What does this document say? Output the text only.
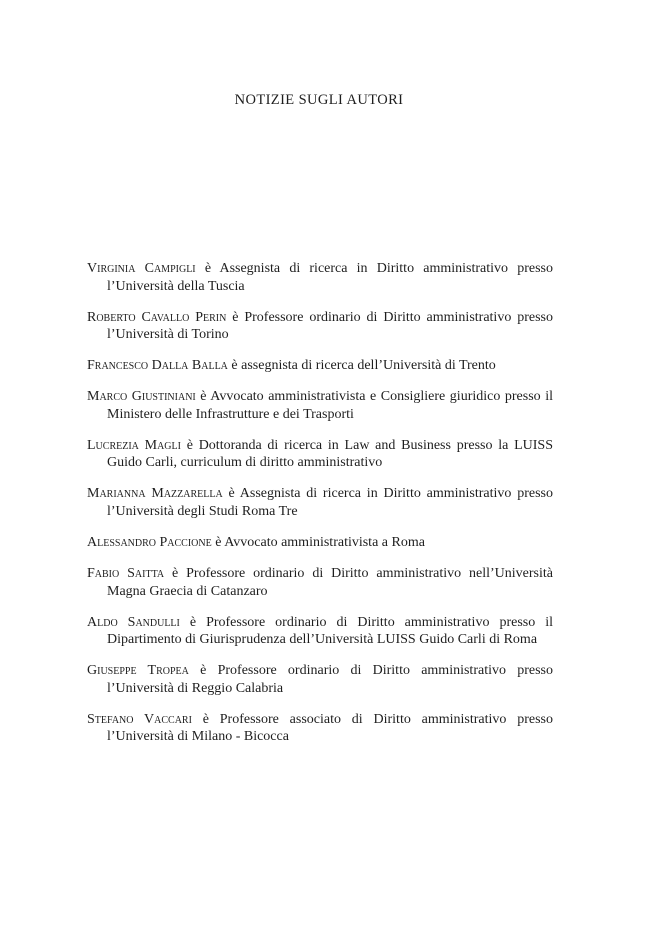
NOTIZIE SUGLI AUTORI
Virginia Campigli è Assegnista di ricerca in Diritto amministrativo presso l’Università della Tuscia
Roberto Cavallo Perin è Professore ordinario di Diritto amministrativo presso l’Università di Torino
Francesco Dalla Balla è assegnista di ricerca dell’Università di Trento
Marco Giustiniani è Avvocato amministrativista e Consigliere giuridico presso il Ministero delle Infrastrutture e dei Trasporti
Lucrezia Magli è Dottoranda di ricerca in Law and Business presso la LUISS Guido Carli, curriculum di diritto amministrativo
Marianna Mazzarella è Assegnista di ricerca in Diritto amministrativo presso l’Università degli Studi Roma Tre
Alessandro Paccione è Avvocato amministrativista a Roma
Fabio Saitta è Professore ordinario di Diritto amministrativo nell’Università Magna Graecia di Catanzaro
Aldo Sandulli è Professore ordinario di Diritto amministrativo presso il Dipartimento di Giurisprudenza dell’Università LUISS Guido Carli di Roma
Giuseppe Tropea è Professore ordinario di Diritto amministrativo presso l’Università di Reggio Calabria
Stefano Vaccari è Professore associato di Diritto amministrativo presso l’Università di Milano - Bicocca
